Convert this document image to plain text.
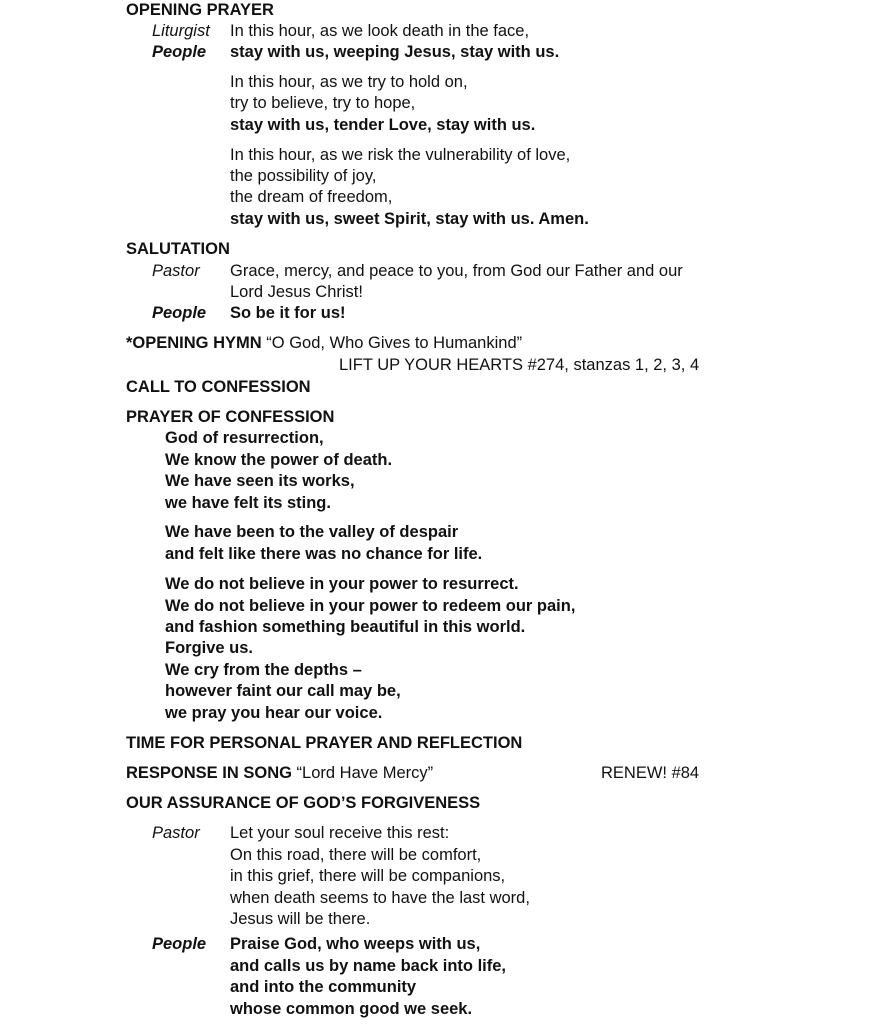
OPENING PRAYER
Liturgist In this hour, as we look death in the face,
People stay with us, weeping Jesus, stay with us.
In this hour, as we try to hold on,
try to believe, try to hope,
stay with us, tender Love, stay with us.
In this hour, as we risk the vulnerability of love,
the possibility of joy,
the dream of freedom,
stay with us, sweet Spirit, stay with us. Amen.
SALUTATION
Pastor Grace, mercy, and peace to you, from God our Father and our
Lord Jesus Christ!
People So be it for us!
*OPENING HYMN “O God, Who Gives to Humankind”
LIFT UP YOUR HEARTS #274, stanzas 1, 2, 3, 4
CALL TO CONFESSION
PRAYER OF CONFESSION
God of resurrection,
We know the power of death.
We have seen its works,
we have felt its sting.
We have been to the valley of despair
and felt like there was no chance for life.
We do not believe in your power to resurrect.
We do not believe in your power to redeem our pain,
and fashion something beautiful in this world.
Forgive us.
We cry from the depths –
however faint our call may be,
we pray you hear our voice.
TIME FOR PERSONAL PRAYER AND REFLECTION
RESPONSE IN SONG “Lord Have Mercy”	RENEW! #84
OUR ASSURANCE OF GOD’S FORGIVENESS
Pastor Let your soul receive this rest:
On this road, there will be comfort,
in this grief, there will be companions,
when death seems to have the last word,
Jesus will be there.
People Praise God, who weeps with us,
and calls us by name back into life,
and into the community
whose common good we seek.
